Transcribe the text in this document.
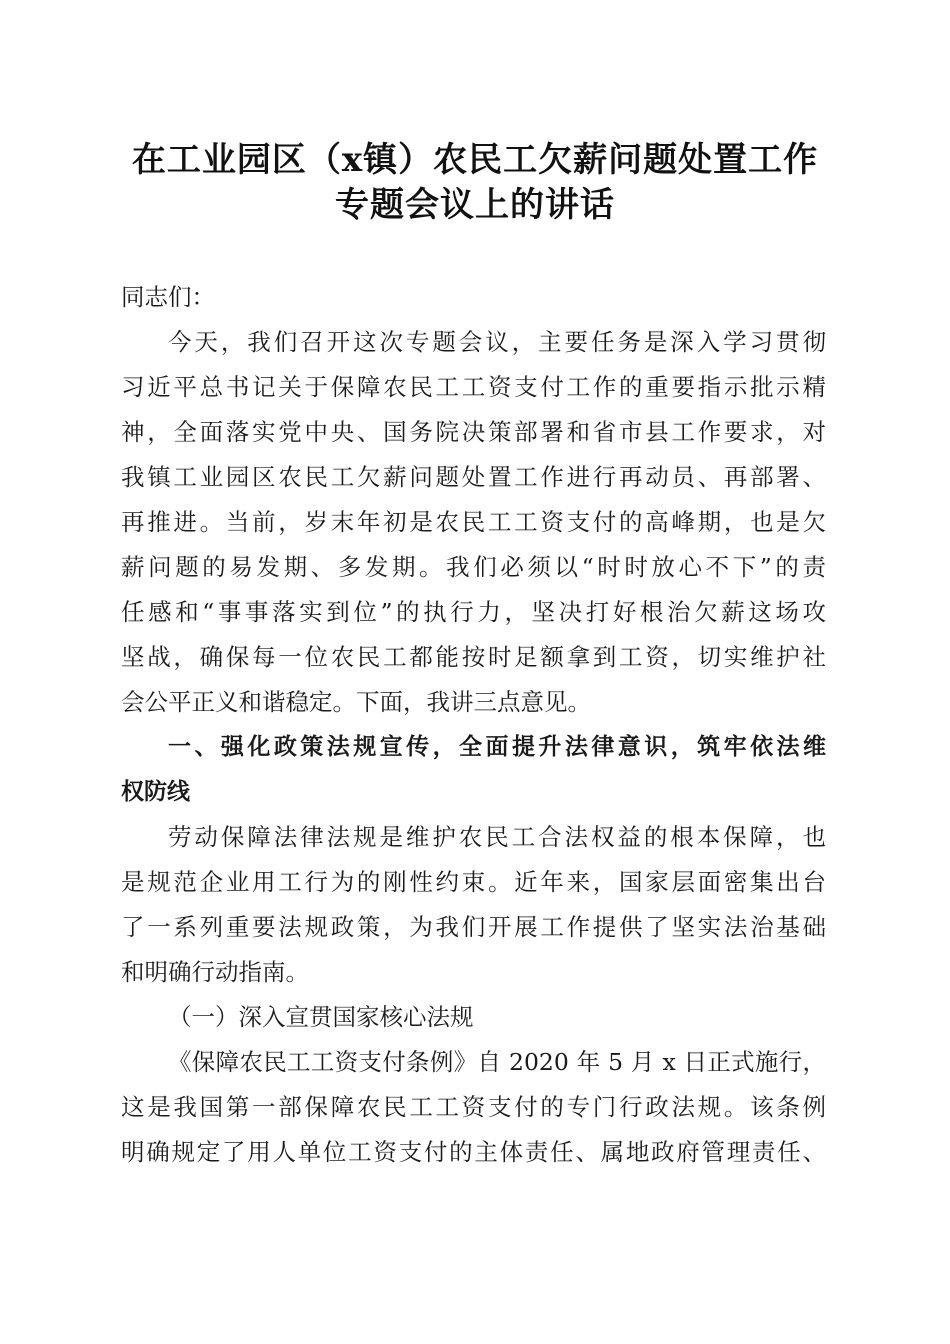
在工业园区（x镇）农民工欠薪问题处置工作
专题会议上的讲话
同志们：
今天，我们召开这次专题会议，主要任务是深入学习贯彻
习近平总书记关于保障农民工工资支付工作的重要指示批示精
神，全面落实党中央、国务院决策部署和省市县工作要求，对
我镇工业园区农民工欠薪问题处置工作进行再动员、再部署、
再推进。当前，岁末年初是农民工工资支付的高峰期，也是欠
薪问题的易发期、多发期。我们必须以“时时放心不下”的责
任感和“事事落实到位”的执行力，坚决打好根治欠薪这场攻
坚战，确保每一位农民工都能按时足额拿到工资，切实维护社
会公平正义和谐稳定。下面，我讲三点意见。
一、强化政策法规宣传，全面提升法律意识，筑牢依法维
权防线
劳动保障法律法规是维护农民工合法权益的根本保障，也
是规范企业用工行为的刚性约束。近年来，国家层面密集出台
了一系列重要法规政策，为我们开展工作提供了坚实法治基础
和明确行动指南。
（一）深入宣贯国家核心法规
《保障农民工工资支付条例》自 2020 年 5 月 x 日正式施行，
这是我国第一部保障农民工工资支付的专门行政法规。该条例
明确规定了用人单位工资支付的主体责任、属地政府管理责任、
